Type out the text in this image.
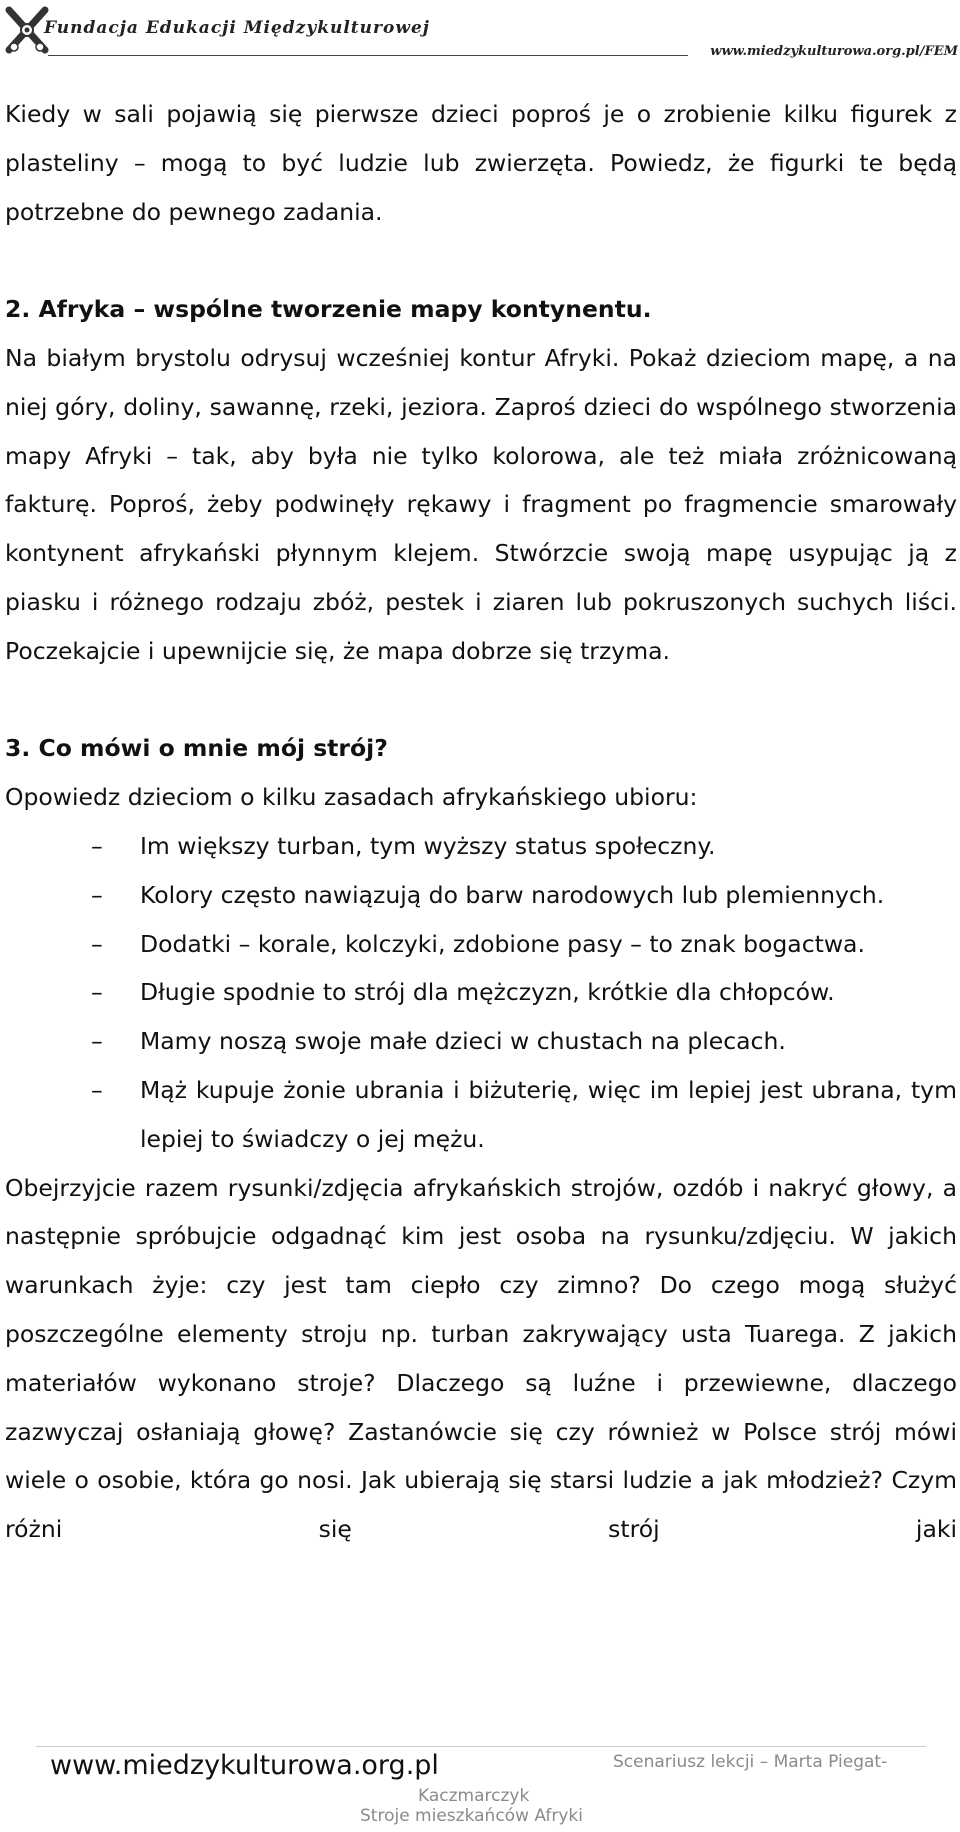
Fundacja Edukacji Międzykulturowej
www.miedzykulturowa.org.pl/FEM

Kiedy w sali pojawią się pierwsze dzieci poproś je o zrobienie kilku figurek z plasteliny – mogą to być ludzie lub zwierzęta. Powiedz, że figurki te będą potrzebne do pewnego zadania.

2. Afryka – wspólne tworzenie mapy kontynentu.

Na białym brystolu odrysuj wcześniej kontur Afryki. Pokaż dzieciom mapę, a na niej góry, doliny, sawannę, rzeki, jeziora. Zaproś dzieci do wspólnego stworzenia mapy Afryki – tak, aby była nie tylko kolorowa, ale też miała zróżnicowaną fakturę. Poproś, żeby podwinęły rękawy i fragment po fragmencie smarowały kontynent afrykański płynnym klejem. Stwórzcie swoją mapę usypując ją z piasku i różnego rodzaju zbóż, pestek i ziaren lub pokruszonych suchych liści. Poczekajcie i upewnijcie się, że mapa dobrze się trzyma.

3. Co mówi o mnie mój strój?

Opowiedz dzieciom o kilku zasadach afrykańskiego ubioru:

– Im większy turban, tym wyższy status społeczny.
– Kolory często nawiązują do barw narodowych lub plemiennych.
– Dodatki – korale, kolczyki, zdobione pasy – to znak bogactwa.
– Długie spodnie to strój dla mężczyzn, krótkie dla chłopców.
– Mamy noszą swoje małe dzieci w chustach na plecach.
– Mąż kupuje żonie ubrania i biżuterię, więc im lepiej jest ubrana, tym lepiej to świadczy o jej mężu.

Obejrzyjcie razem rysunki/zdjęcia afrykańskich strojów, ozdób i nakryć głowy, a następnie spróbujcie odgadnąć kim jest osoba na rysunku/zdjęciu. W jakich warunkach żyje: czy jest tam ciepło czy zimno? Do czego mogą służyć poszczególne elementy stroju np. turban zakrywający usta Tuarega. Z jakich materiałów wykonano stroje? Dlaczego są luźne i przewiewne, dlaczego zazwyczaj osłaniają głowę? Zastanówcie się czy również w Polsce strój mówi wiele o osobie, która go nosi. Jak ubierają się starsi ludzie a jak młodzież? Czym różni się strój jaki

www.miedzykulturowa.org.pl	Scenariusz lekcji – Marta Piegat-
Kaczmarczyk
Stroje mieszkańców Afryki
